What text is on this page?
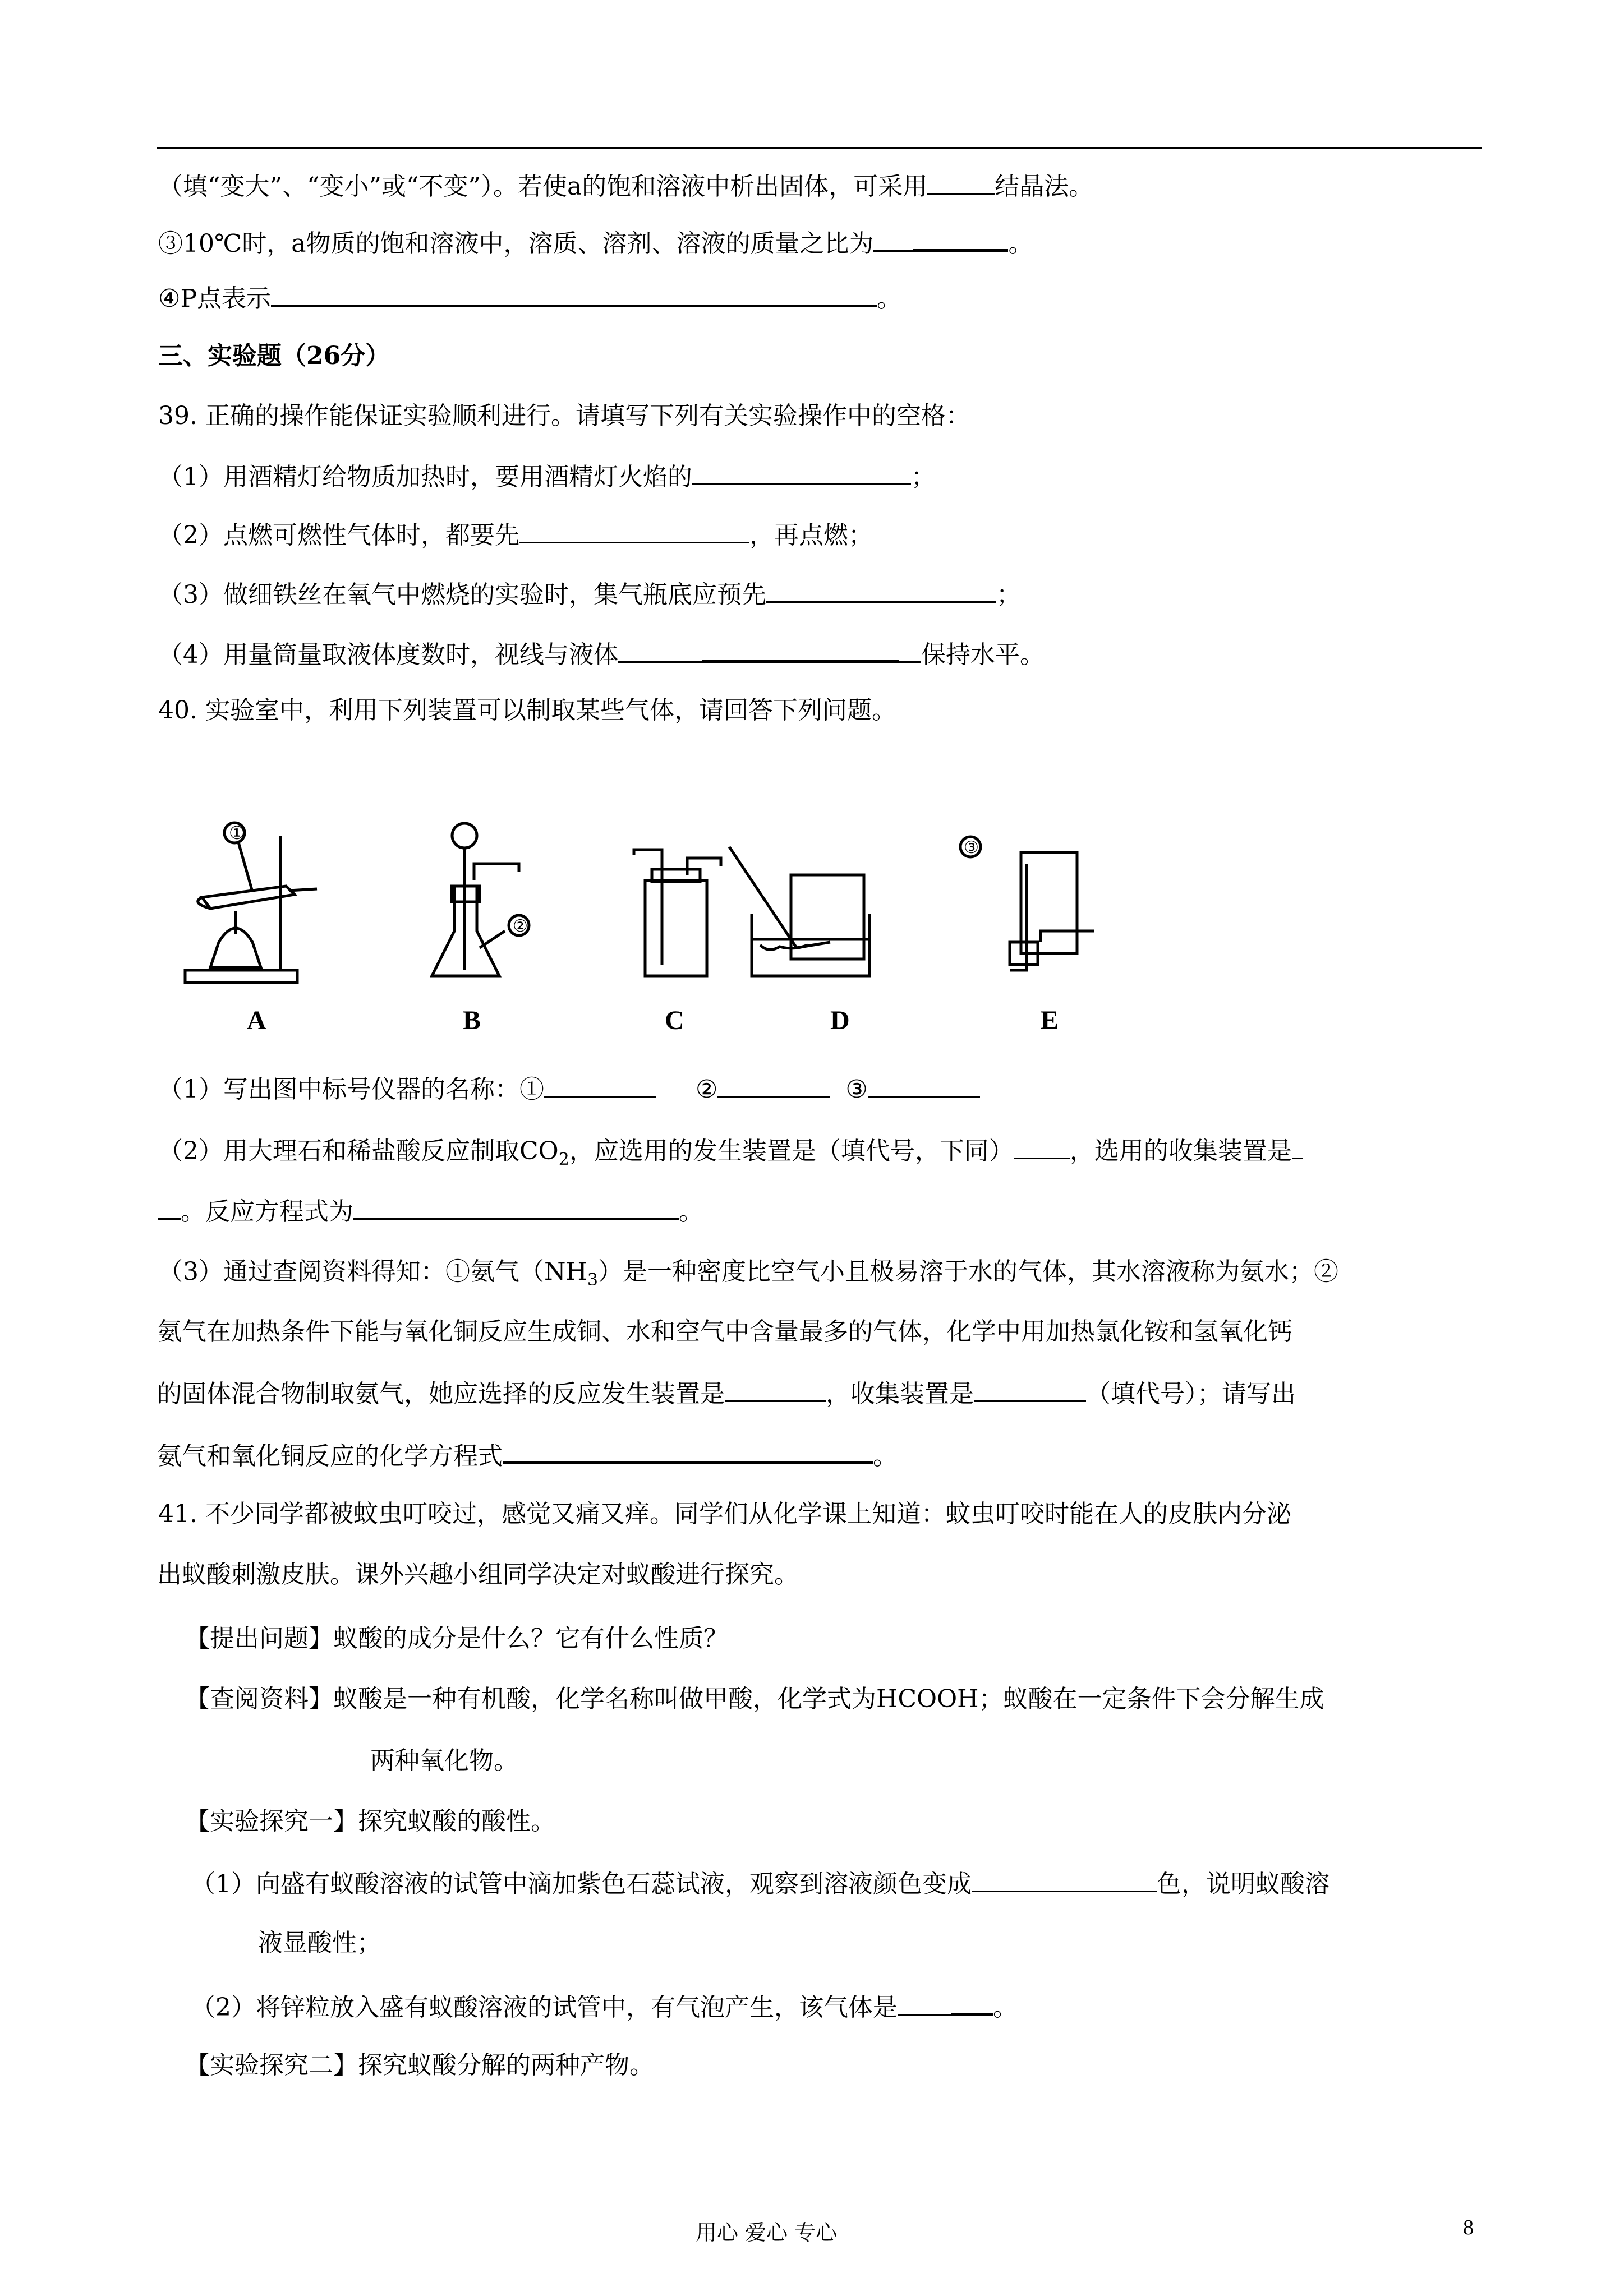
（填“变大”、“变小”或“不变”）。若使a的饱和溶液中析出固体，可采用	结晶法。
③10℃时，a物质的饱和溶液中，溶质、溶剂、溶液的质量之比为	。
④P点表示	。
三、实验题（26分）
39. 正确的操作能保证实验顺利进行。请填写下列有关实验操作中的空格：
（1）用酒精灯给物质加热时，要用酒精灯火焰的	；
（2）点燃可燃性气体时，都要先	，再点燃；
（3）做细铁丝在氧气中燃烧的实验时，集气瓶底应预先	；
（4）用量筒量取液体度数时，视线与液体	保持水平。
40. 实验室中，利用下列装置可以制取某些气体，请回答下列问题。
A
①
②
B	C	D
③
E
（1）写出图中标号仪器的名称：①	②	③
（2）用大理石和稀盐酸反应制取$CO_2$，应选用的发生装置是（填代号，下同） ，选用的收集装置是
。反应方程式为	。
（3）通过查阅资料得知：①氨气$(NH_3)$是一种密度比空气小且极易溶于水的气体，其水溶液称为氨水；②
氨气在加热条件下能与氧化铜反应生成铜、水和空气中含量最多的气体，化学中用加热氯化铵和氢氧化钙
的固体混合物制取氨气，她应选择的反应发生装置是	，收集装置是	（填代号）；请写出
氨气和氧化铜反应的化学方程式	。
41. 不少同学都被蚊虫叮咬过，感觉又痛又痒。同学们从化学课上知道：蚊虫叮咬时能在人的皮肤内分泌
出蚁酸刺激皮肤。课外兴趣小组同学决定对蚁酸进行探究。
【提出问题】蚁酸的成分是什么？它有什么性质？
【查阅资料】蚁酸是一种有机酸，化学名称叫做甲酸，化学式为HCOOH；蚁酸在一定条件下会分解生成
两种氧化物。
【实验探究一】探究蚁酸的酸性。
（1）向盛有蚁酸溶液的试管中滴加紫色石蕊试液，观察到溶液颜色变成	色，说明蚁酸溶
液显酸性；
（2）将锌粒放入盛有蚁酸溶液的试管中，有气泡产生，该气体是	。
【实验探究二】探究蚁酸分解的两种产物。
用心 爱心 专心	8
